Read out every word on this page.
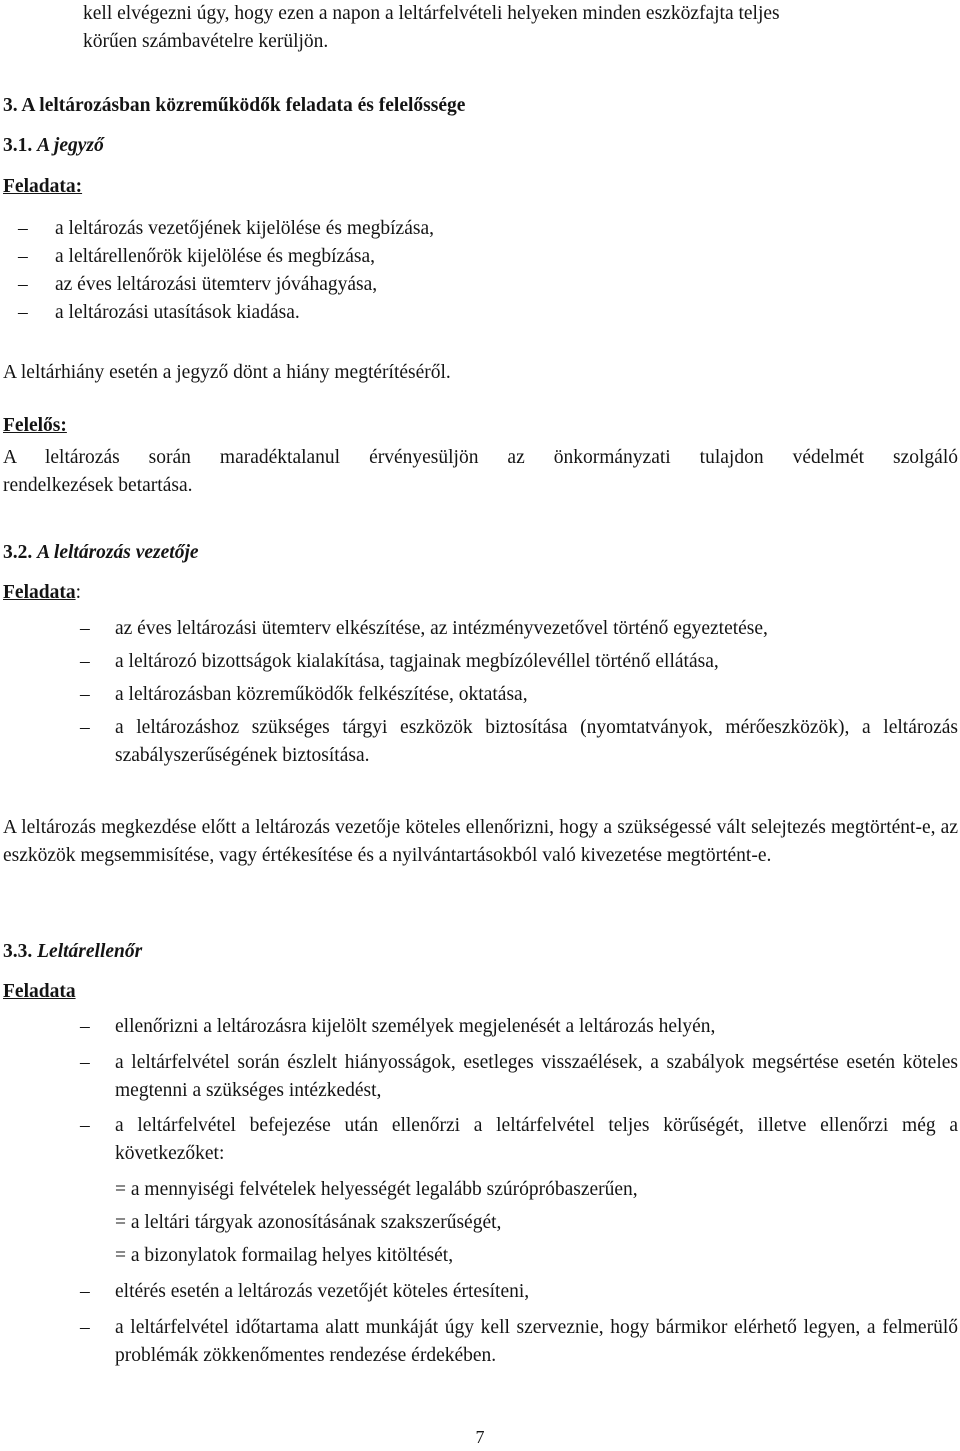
kell elvégezni úgy, hogy ezen a napon a leltárfelvételi helyeken minden eszközfajta teljes
körűen számbavételre kerüljön.

3. A leltározásban közreműködők feladata és felelőssége

3.1. A jegyző

Feladata:

– a leltározás vezetőjének kijelölése és megbízása,
– a leltárellenőrök kijelölése és megbízása,
– az éves leltározási ütemterv jóváhagyása,
– a leltározási utasítások kiadása.

A leltárhiány esetén a jegyző dönt a hiány megtérítéséről.

Felelős:

A leltározás során maradéktalanul érvényesüljön az önkormányzati tulajdon védelmét szolgáló
rendelkezések betartása.

3.2. A leltározás vezetője

Feladata:

– az éves leltározási ütemterv elkészítése, az intézményvezetővel történő egyeztetése,
– a leltározó bizottságok kialakítása, tagjainak megbízólevéllel történő ellátása,
– a leltározásban közreműködők felkészítése, oktatása,
– a leltározáshoz szükséges tárgyi eszközök biztosítása (nyomtatványok, mérőeszközök), a leltározás szabályszerűségének biztosítása.

A leltározás megkezdése előtt a leltározás vezetője köteles ellenőrizni, hogy a szükségessé vált selejtezés megtörtént-e, az eszközök megsemmisítése, vagy értékesítése és a nyilvántartásokból való kivezetése megtörtént-e.

3.3. Leltárellenőr

Feladata

– ellenőrizni a leltározásra kijelölt személyek megjelenését a leltározás helyén,
– a leltárfelvétel során észlelt hiányosságok, esetleges visszaélések, a szabályok megsértése esetén köteles megtenni a szükséges intézkedést,
– a leltárfelvétel befejezése után ellenőrzi a leltárfelvétel teljes körűségét, illetve ellenőrzi még a következőket:
= a mennyiségi felvételek helyességét legalább szúrópróbaszerűen,
= a leltári tárgyak azonosításának szakszerűségét,
= a bizonylatok formailag helyes kitöltését,
– eltérés esetén a leltározás vezetőjét köteles értesíteni,
– a leltárfelvétel időtartama alatt munkáját úgy kell szerveznie, hogy bármikor elérhető legyen, a felmerülő problémák zökkenőmentes rendezése érdekében.
7
